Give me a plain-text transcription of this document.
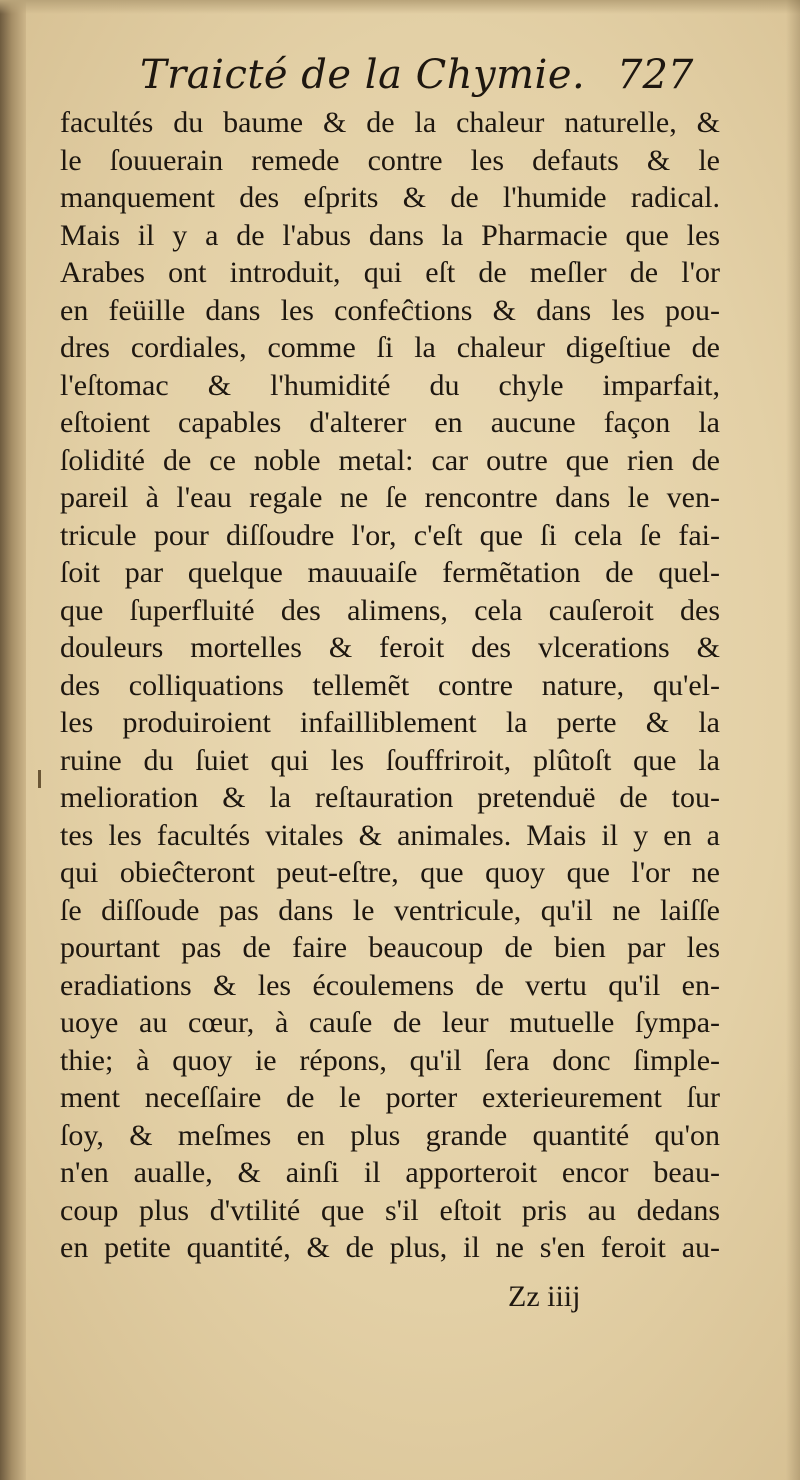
Traicté de la Chymie. 727
facultés du baume & de la chaleur naturelle, &
le ſouuerain remede contre les defauts & le
manquement des eſprits & de l'humide radical.
Mais il y a de l'abus dans la Pharmacie que les
Arabes ont introduit, qui eſt de meſler de l'or
en feüille dans les confeĉtions & dans les pou-
dres cordiales, comme ſi la chaleur digeſtiue de
l'eſtomac & l'humidité du chyle imparfait,
eſtoient capables d'alterer en aucune façon la
ſolidité de ce noble metal: car outre que rien de
pareil à l'eau regale ne ſe rencontre dans le ven-
tricule pour diſſoudre l'or, c'eſt que ſi cela ſe fai-
ſoit par quelque mauuaiſe fermẽtation de quel-
que ſuperfluité des alimens, cela cauſeroit des
douleurs mortelles & feroit des vlcerations &
des colliquations tellemẽt contre nature, qu'el-
les produiroient infailliblement la perte & la
ruine du ſuiet qui les ſouffriroit, plûtoſt que la
melioration & la reſtauration pretenduë de tou-
tes les facultés vitales & animales. Mais il y en a
qui obieĉteront peut-eſtre, que quoy que l'or ne
ſe diſſoude pas dans le ventricule, qu'il ne laiſſe
pourtant pas de faire beaucoup de bien par les
eradiations & les écoulemens de vertu qu'il en-
uoye au cœur, à cauſe de leur mutuelle ſympa-
thie; à quoy ie répons, qu'il ſera donc ſimple-
ment neceſſaire de le porter exterieurement ſur
ſoy, & meſmes en plus grande quantité qu'on
n'en aualle, & ainſi il apporteroit encor beau-
coup plus d'vtilité que s'il eſtoit pris au dedans
en petite quantité, & de plus, il ne s'en feroit au-
Zz iiij
